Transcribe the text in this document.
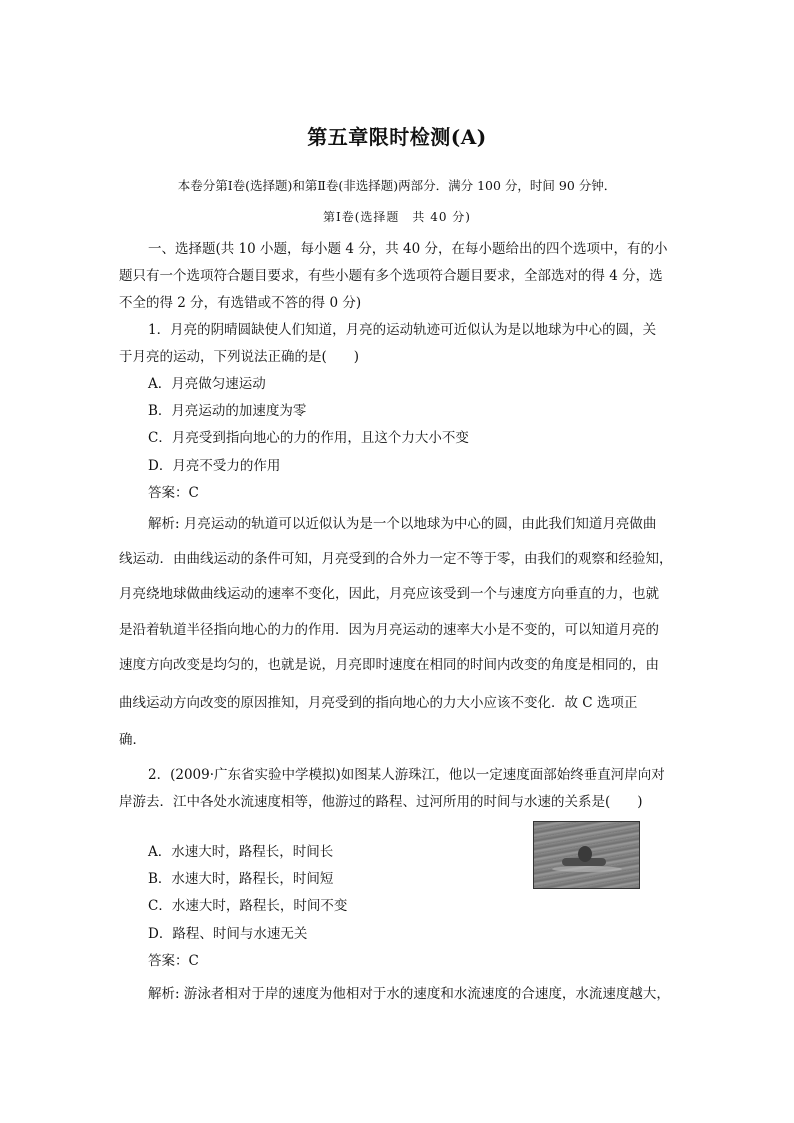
第五章限时检测(A)
本卷分第Ⅰ卷(选择题)和第Ⅱ卷(非选择题)两部分．满分 100 分，时间 90 分钟．
第Ⅰ卷(选择题　共 40 分)
一、选择题(共 10 小题，每小题 4 分，共 40 分，在每小题给出的四个选项中，有的小
题只有一个选项符合题目要求，有些小题有多个选项符合题目要求，全部选对的得 4 分，选
不全的得 2 分，有选错或不答的得 0 分)
1．月亮的阴晴圆缺使人们知道，月亮的运动轨迹可近似认为是以地球为中心的圆，关
于月亮的运动，下列说法正确的是(　　)
A．月亮做匀速运动
B．月亮运动的加速度为零
C．月亮受到指向地心的力的作用，且这个力大小不变
D．月亮不受力的作用
答案：C
解析: 月亮运动的轨道可以近似认为是一个以地球为中心的圆，由此我们知道月亮做曲
线运动．由曲线运动的条件可知，月亮受到的合外力一定不等于零，由我们的观察和经验知，
月亮绕地球做曲线运动的速率不变化，因此，月亮应该受到一个与速度方向垂直的力，也就
是沿着轨道半径指向地心的力的作用．因为月亮运动的速率大小是不变的，可以知道月亮的
速度方向改变是均匀的，也就是说，月亮即时速度在相同的时间内改变的角度是相同的，由
曲线运动方向改变的原因推知，月亮受到的指向地心的力大小应该不变化．故 C 选项正
确．
2．(2009·广东省实验中学模拟)如图某人游珠江，他以一定速度面部始终垂直河岸向对
岸游去．江中各处水流速度相等，他游过的路程、过河所用的时间与水速的关系是(　　)
A．水速大时，路程长，时间长
B．水速大时，路程长，时间短
C．水速大时，路程长，时间不变
D．路程、时间与水速无关
答案：C
解析: 游泳者相对于岸的速度为他相对于水的速度和水流速度的合速度，水流速度越大，
